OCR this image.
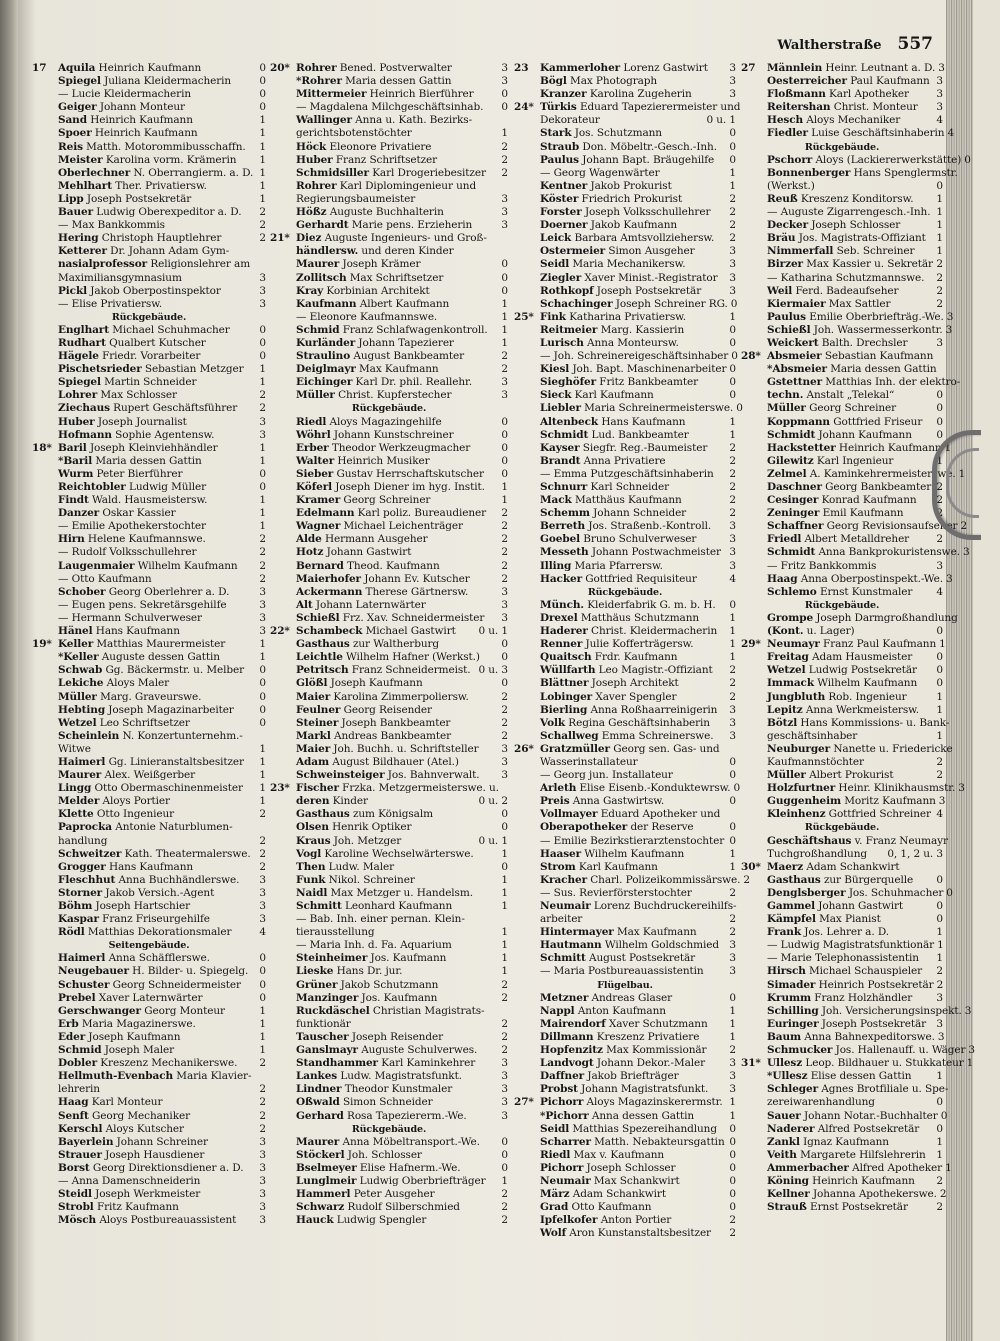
Waltherstraße 557
17	Aquila Heinrich Kaufmann	0
Spiegel Juliana Kleidermacherin	0
— Lucie Kleidermacherin	0
Geiger Johann Monteur	0
Sand Heinrich Kaufmann	1
Spoer Heinrich Kaufmann	1
Reis Matth. Motorommibusschaffn.	1
Meister Karolina vorm. Krämerin	1
Oberlechner N. Oberrangierm. a. D. 1
Mehlhart Ther. Privatiersw.	1
Lipp Joseph Postsekretär	1
Bauer Ludwig Oberexpeditor a. D.	2
— Max Bankkommis	2
Hering Christoph Hauptlehrer	2
Ketterer Dr. Johann Adam Gym-
nasialprofessor Religionslehrer am
Maximiliansgymnasium	3
Pickl Jakob Oberpostinspektor	3
— Elise Privatiersw.	3
Rückgebäude.
Englhart Michael Schuhmacher	0
Rudhart Qualbert Kutscher	0
Hägele Friedr. Vorarbeiter	0
Pischetsrieder Sebastian Metzger	1
Spiegel Martin Schneider	1
Lohrer Max Schlosser	2
Ziechaus Rupert Geschäftsführer	2
Huber Joseph Journalist	3
Hofmann Sophie Agentensw.	3
18* Baril Joseph Kleinviehhändler	1
*Baril Maria dessen Gattin	1
Wurm Peter Bierführer	0
Reichtobler Ludwig Müller	0
Findt Wald. Hausmeistersw.	1
Danzer Oskar Kassier	1
— Emilie Apothekerstochter	1
Hirn Helene Kaufmannswe.	2
— Rudolf Volksschullehrer	2
Laugenmaier Wilhelm Kaufmann	2
— Otto Kaufmann	2
Schober Georg Oberlehrer a. D.	3
— Eugen pens. Sekretärsgehilfe	3
— Hermann Schulverweser	3
Hänel Hans Kaufmann	3
19* Keller Matthias Maurermeister	1
*Keller Auguste dessen Gattin	1
Schwab Gg. Bäckermstr. u. Melber	0
Lekiche Aloys Maler	0
Müller Marg. Graveurswe.	0
Hebting Joseph Magazinarbeiter	0
Wetzel Leo Schriftsetzer	0
Scheinlein N. Konzertunternehm.-
Witwe	1
Haimerl Gg. Linieranstaltsbesitzer	1
Maurer Alex. Weißgerber	1
Lingg Otto Obermaschinenmeister	1
Melder Aloys Portier	1
Klette Otto Ingenieur	2
Paprocka Antonie Naturblumen-
handlung	2
Schweitzer Kath. Theatermalerswe. 2
Grogger Hans Kaufmann	2
Fleschhut Anna Buchhändlerswe.	3
Storner Jakob Versich.-Agent	3
Böhm Joseph Hartschier	3
Kaspar Franz Friseurgehilfe	3
Rödl Matthias Dekorationsmaler	4
Seitengebäude.
Haimerl Anna Schäfflerswe.	0
Neugebauer H. Bilder- u. Spiegelg.	0
Schuster Georg Schneidermeister	0
Prebel Xaver Laternwärter	0
Gerschwanger Georg Monteur	1
Erb Maria Magazinerswe.	1
Eder Joseph Kaufmann	1
Schmid Joseph Maler	1
Dobler Kreszenz Mechanikerswe.	2
Hellmuth-Evenbach Maria Klavier-
lehrerin	2
Haag Karl Monteur	2
Senft Georg Mechaniker	2
Kerschl Aloys Kutscher	2
Bayerlein Johann Schreiner	3
Strauer Joseph Hausdiener	3
Borst Georg Direktionsdiener a. D.	3
— Anna Damenschneiderin	3
Steidl Joseph Werkmeister	3
Strobl Fritz Kaufmann	3
Mösch Aloys Postbureauassistent	3
20* Rohrer Bened. Postverwalter	3
*Rohrer Maria dessen Gattin	3
Mittermeier Heinrich Bierführer	0
— Magdalena Milchgeschäftsinhab.	0
Wallinger Anna u. Kath. Bezirks-
gerichtsbotenstöchter	1
Höck Eleonore Privatiere	2
Huber Franz Schriftsetzer	2
Schmidsiller Karl Drogeriebesitzer	2
Rohrer Karl Diplomingenieur und
Regierungsbaumeister	3
Hößz Auguste Buchhalterin	3
Gerhardt Marie pens. Erzieherin	3
21* Diez Auguste Ingenieurs- und Groß-
händlersw. und deren Kinder
Maurer Joseph Krämer	0
Zollitsch Max Schriftsetzer	0
Kray Korbinian Architekt	0
Kaufmann Albert Kaufmann	1
— Eleonore Kaufmannswe.	1
Schmid Franz Schlafwagenkontroll.	1
Kurländer Johann Tapezierer	1
Straulino August Bankbeamter	2
Deiglmayr Max Kaufmann	2
Eichinger Karl Dr. phil. Reallehr.	3
Müller Christ. Kupferstecher	3
Rückgebäude.
Riedl Aloys Magazingehilfe	0
Wöhrl Johann Kunstschreiner	0
Erber Theodor Werkzeugmacher	0
Walter Heinrich Musiker	0
Sieber Gustav Herrschaftskutscher	0
Köferl Joseph Diener im hyg. Instit.	1
Kramer Georg Schreiner	1
Edelmann Karl poliz. Bureaudiener	2
Wagner Michael Leichenträger	2
Alde Hermann Ausgeher	2
Hotz Johann Gastwirt	2
Bernard Theod. Kaufmann	2
Maierhofer Johann Ev. Kutscher	2
Ackermann Therese Gärtnersw.	3
Alt Johann Laternwärter	3
Schießl Frz. Xav. Schneidermeister	3
22* Schambeck Michael Gastwirt	0 u. 1
Gasthaus zur Waltherburg	0
Leichtle Wilhelm Hafner (Werkst.)	0
Petritsch Franz Schneidermeist. 0 u. 3
Glößl Joseph Kaufmann	0
Maier Karolina Zimmerpoliersw.	2
Feulner Georg Reisender	2
Steiner Joseph Bankbeamter	2
Markl Andreas Bankbeamter	2
Maier Joh. Buchh. u. Schriftsteller	3
Adam August Bildhauer (Atel.)	3
Schweinsteiger Jos. Bahnverwalt.	3
23* Fischer Frzka. Metzgermeisterswe. u.
deren Kinder	0 u. 2
Gasthaus zum Königsalm	0
Olsen Henrik Optiker	0
Kraus Joh. Metzger	0 u. 1
Vogl Karoline Wechselwärterswe.	1
Then Ludw. Maler	0
Funk Nikol. Schreiner	1
Naidl Max Metzger u. Handelsm.	1
Schmitt Leonhard Kaufmann	1
— Bab. Inh. einer pernan. Klein-
tierausstellung	1
— Maria Inh. d. Fa. Aquarium	1
Steinheimer Jos. Kaufmann	1
Lieske Hans Dr. jur.	1
Grüner Jakob Schutzmann	2
Manzinger Jos. Kaufmann	2
Ruckdäschel Christian Magistrats-
funktionär	2
Tauscher Joseph Reisender	2
Ganslmayr Auguste Schulverwes.	2
Standhammer Karl Kaminkehrer	3
Lankes Ludw. Magistratsfunkt.	3
Lindner Theodor Kunstmaler	3
Oßwald Simon Schneider	3
Gerhard Rosa Tapeziererm.-We.	3
Rückgebäude.
Maurer Anna Möbeltransport.-We.	0
Stöckerl Joh. Schlosser	0
Bselmeyer Elise Hafnerm.-We.	0
Lunglmeir Ludwig Oberbriefträger	1
Hammerl Peter Ausgeher	2
Schwarz Rudolf Silberschmied	2
Hauck Ludwig Spengler	2
23	Kammerloher Lorenz Gastwirt	3
Bögl Max Photograph	3
Kranzer Karolina Zugeherin	3
24* Türkis Eduard Tapezierermeister und
Dekorateur	0 u. 1
Stark Jos. Schutzmann	0
Straub Don. Möbeltr.-Gesch.-Inh.	0
Paulus Johann Bapt. Bräugehilfe	0
— Georg Wagenwärter	1
Kentner Jakob Prokurist	1
Köster Friedrich Prokurist	2
Forster Joseph Volksschullehrer	2
Doerner Jakob Kaufmann	2
Leick Barbara Amtsvollziehersw.	2
Ostermeier Simon Ausgeher	3
Seidl Maria Mechanikersw.	3
Ziegler Xaver Minist.-Registrator	3
Rothkopf Joseph Postsekretär	3
Schachinger Joseph Schreiner RG. 0
25* Fink Katharina Privatiersw.	1
Reitmeier Marg. Kassierin	0
Lurisch Anna Monteursw.	0
— Joh. Schreinereigeschäftsinhaber 0
Kiesl Joh. Bapt. Maschinenarbeiter 0
Sieghöfer Fritz Bankbeamter	0
Sieck Karl Kaufmann	0
Liebler Maria Schreinermeisterswe. 0
Altenbeck Hans Kaufmann	1
Schmidt Lud. Bankbeamter	1
Kayser Siegfr. Reg.-Baumeister	2
Brandt Anna Privatiere	2
— Emma Putzgeschäftsinhaberin	2
Schnurr Karl Schneider	2
Mack Matthäus Kaufmann	2
Schemm Johann Schneider	2
Berreth Jos. Straßenb.-Kontroll.	3
Goebel Bruno Schulverweser	3
Messeth Johann Postwachmeister 3
Illing Maria Pfarrersw.	3
Hacker Gottfried Requisiteur	4
Rückgebäude.
Münch. Kleiderfabrik G. m. b. H.	0
Drexel Matthäus Schutzmann	1
Haderer Christ. Kleidermacherin	1
Renner Julie Kofferträgersw.	1
Quaitsch Frdr. Kaufmann	1
Wüllfarth Leo Magistr.-Offiziant	2
Blättner Joseph Architekt	2
Lobinger Xaver Spengler	2
Bierling Anna Roßhaarreinigerin	3
Volk Regina Geschäftsinhaberin	3
Schallweg Emma Schreinerswe.	3
26* Gratzmüller Georg sen. Gas- und
Wasserinstallateur	0
— Georg jun. Installateur	0
Arleth Elise Eisenb.-Konduktewrsw. 0
Preis Anna Gastwirtsw.	0
Vollmayer Eduard Apotheker und
Oberapotheker der Reserve	0
— Emilie Bezirkstierarztenstochter 0
Haaser Wilhelm Kaufmann	1
Strom Karl Kaufmann	1
Kracher Charl. Polizeikommissärswe. 2
— Sus. Revierförsterstochter	2
Neumair Lorenz Buchdruckereihilfs-
arbeiter	2
Hintermayer Max Kaufmann	2
Hautmann Wilhelm Goldschmied 3
Schmitt August Postsekretär	3
— Maria Postbureauassistentin	3
Flügelbau.
Metzner Andreas Glaser	0
Nappl Anton Kaufmann	1
Mairendorf Xaver Schutzmann	1
Dillmann Kreszenz Privatiere	1
Hopfenzitz Max Kommissionär	2
Landvogt Johann Dekor.-Maler	3
Daffner Jakob Briefträger	3
Probst Johann Magistratsfunkt.	3
27* Pichorr Aloys Magazinskerermstr. 1
*Pichorr Anna dessen Gattin	1
Seidl Matthias Spezereihandlung	0
Scharrer Matth. Nebakteursgattin 0
Riedl Max v. Kaufmann	0
Pichorr Joseph Schlosser	0
Neumair Max Schankwirt	0
März Adam Schankwirt	0
Grad Otto Kaufmann	0
Ipfelkofer Anton Portier	2
Wolf Aron Kunstanstaltsbesitzer	2
27	Männlein Heinr. Leutnant a. D. 3
Oesterreicher Paul Kaufmann 3
Floßmann Karl Apotheker	3
Reitershan Christ. Monteur	3
Hesch Aloys Mechaniker	4
Fiedler Luise Geschäftsinhaberin 4
Rückgebäude.
Pschorr Aloys (Lackiererwerkstätte) 0
Bonnenberger Hans Spenglermstr.
(Werkst.)	0
Reuß Kreszenz Konditorsw.	1
— Auguste Zigarrengesch.-Inh. 1
Decker Joseph Schlosser	1
Bräu Jos. Magistrats-Offiziant	1
Nimmerfall Seb. Schreiner	1
Birzer Max Kassier u. Sekretär 2
— Katharina Schutzmannswe.	2
Weil Ferd. Badeaufseher	2
Kiermaier Max Sattler	2
Paulus Emilie Oberbriefträg.-We. 3
Schießl Joh. Wassermesserkontr. 3
Weickert Balth. Drechsler	3
28* Absmeier Sebastian Kaufmann
*Absmeier Maria dessen Gattin
Gstettner Matthias Inh. der elektro-
techn. Anstalt „Telekal“	0
Müller Georg Schreiner	0
Koppmann Gottfried Friseur	0
Schmidt Johann Kaufmann	0
Hackstetter Heinrich Kaufmann 1
Gilewitz Karl Ingenieur	1
Zelmel A. Kaminkehrermeisterswe. 1
Daschner Georg Bankbeamter 2
Cesinger Konrad Kaufmann	2
Zeninger Emil Kaufmann	2
Schaffner Georg Revisionsaufseher 2
Friedl Albert Metalldreher	2
Schmidt Anna Bankprokuristenswe. 3
— Fritz Bankkommis	3
Haag Anna Oberpostinspekt.-We. 3
Schlemo Ernst Kunstmaler	4
Rückgebäude.
Grompe Joseph Darmgroßhandlung
(Kont. u. Lager)	0
29* Neumayr Franz Paul Kaufmann 1
Freitag Adam Hausmeister	0
Wetzel Ludwig Postsekretär	0
Immack Wilhelm Kaufmann	0
Jungbluth Rob. Ingenieur	1
Lepitz Anna Werkmeistersw.	1
Bötzl Hans Kommissions- u. Bank-
geschäftsinhaber	1
Neuburger Nanette u. Friedericke
Kaufmannstöchter	2
Müller Albert Prokurist	2
Holzfurtner Heinr. Klinikhausmstr. 3
Guggenheim Moritz Kaufmann 3
Kleinhenz Gottfried Schreiner 4
Rückgebäude.
Geschäftshaus v. Franz Neumayr
Tuchgroßhandlung	0, 1, 2 u. 3
30* Maerz Adam Schankwirt
Gasthaus zur Bürgerquelle	0
Denglsberger Jos. Schuhmacher 0
Gammel Johann Gastwirt	0
Kämpfel Max Pianist	0
Frank Jos. Lehrer a. D.	1
— Ludwig Magistratsfunktionär 1
— Marie Telephonassistentin	1
Hirsch Michael Schauspieler	2
Simader Heinrich Postsekretär 2
Krumm Franz Holzhändler	3
Schilling Joh. Versicherungsinspekt. 3
Euringer Joseph Postsekretär 3
Baum Anna Bahnexpeditorswe. 3
Schmucker Jos. Hallenauff. u. Wäger 3
31* Ullesz Leop. Bildhauer u. Stukkateur 1
*Ullesz Elise dessen Gattin	1
Schleger Agnes Brotfiliale u. Spe-
zereiwarenhandlung	0
Sauer Johann Notar.-Buchhalter 0
Naderer Alfred Postsekretär	0
Zankl Ignaz Kaufmann	1
Veith Margarete Hilfslehrerin	1
Ammerbacher Alfred Apotheker 1
Köning Heinrich Kaufmann	2
Kellner Johanna Apothekerswe. 2
Strauß Ernst Postsekretär	2
